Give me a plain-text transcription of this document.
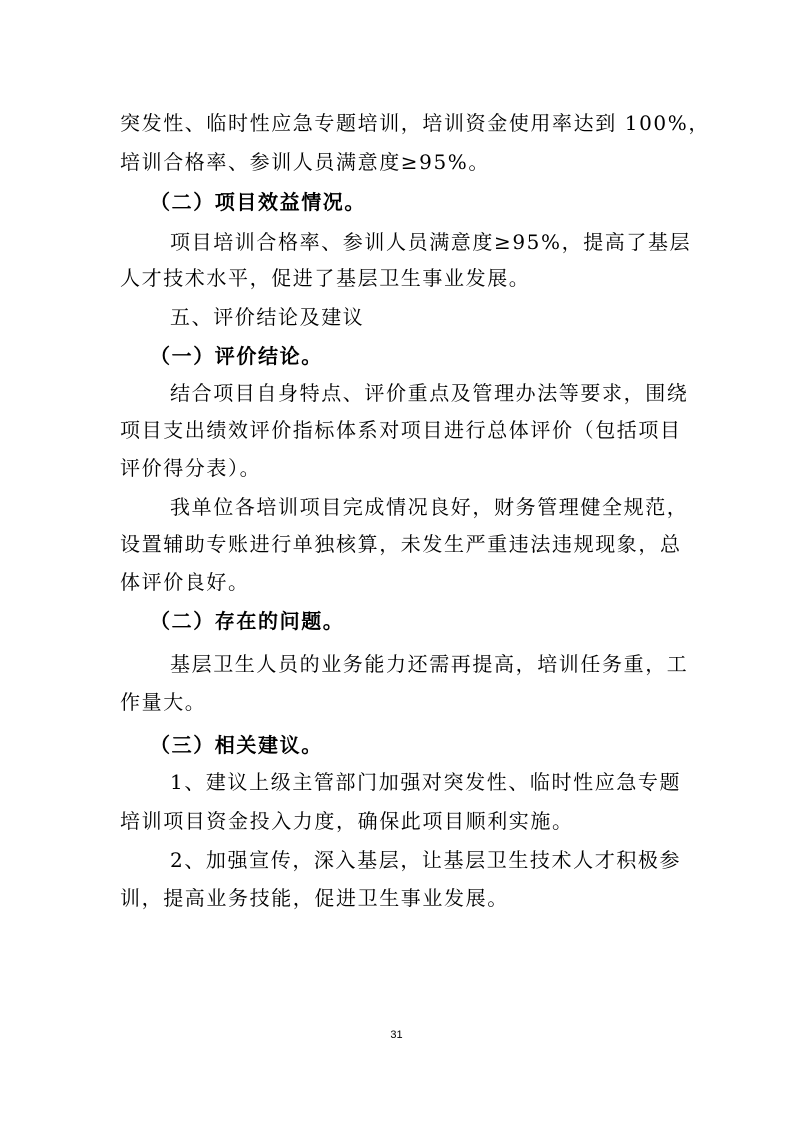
突发性、临时性应急专题培训，培训资金使用率达到 100%，
培训合格率、参训人员满意度≥95%。
（二）项目效益情况。
项目培训合格率、参训人员满意度≥95%，提高了基层
人才技术水平，促进了基层卫生事业发展。
五、评价结论及建议
（一）评价结论。
结合项目自身特点、评价重点及管理办法等要求，围绕
项目支出绩效评价指标体系对项目进行总体评价（包括项目
评价得分表）。
我单位各培训项目完成情况良好，财务管理健全规范，
设置辅助专账进行单独核算，未发生严重违法违规现象，总
体评价良好。
（二）存在的问题。
基层卫生人员的业务能力还需再提高，培训任务重，工
作量大。
（三）相关建议。
1、建议上级主管部门加强对突发性、临时性应急专题
培训项目资金投入力度，确保此项目顺利实施。
2、加强宣传，深入基层，让基层卫生技术人才积极参
训，提高业务技能，促进卫生事业发展。
31
